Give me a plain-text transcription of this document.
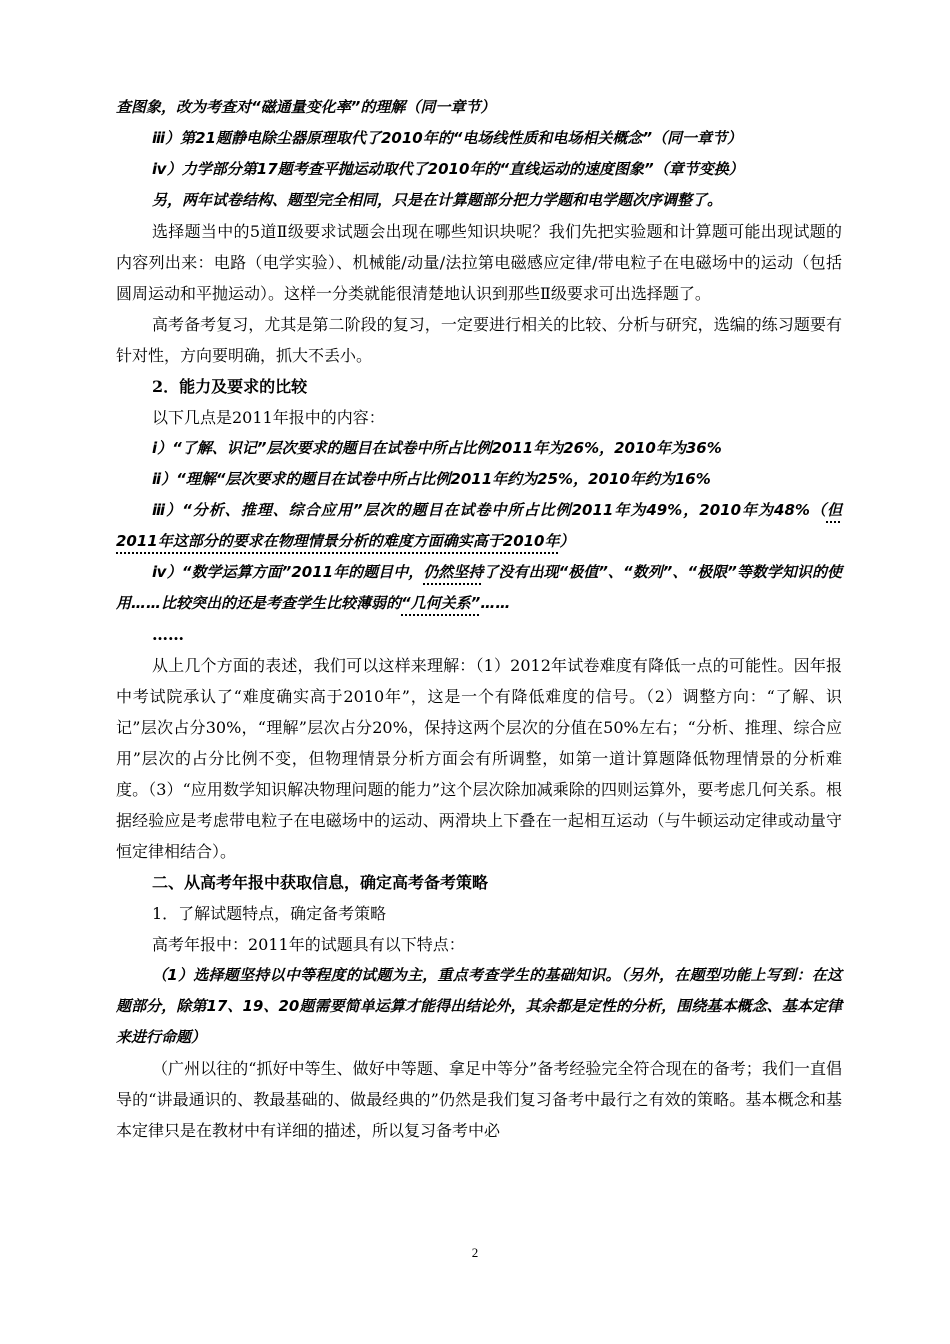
查图象，改为考查对“磁通量变化率”的理解（同一章节）

ⅲ）第21题静电除尘器原理取代了2010年的“电场线性质和电场相关概念”（同一章节）

ⅳ）力学部分第17题考查平抛运动取代了2010年的“直线运动的速度图象”（章节变换）

另，两年试卷结构、题型完全相同，只是在计算题部分把力学题和电学题次序调整了。

选择题当中的5道Ⅱ级要求试题会出现在哪些知识块呢？我们先把实验题和计算题可能出现试题的内容列出来：电路（电学实验）、机械能/动量/法拉第电磁感应定律/带电粒子在电磁场中的运动（包括圆周运动和平抛运动）。这样一分类就能很清楚地认识到那些Ⅱ级要求可出选择题了。

高考备考复习，尤其是第二阶段的复习，一定要进行相关的比较、分析与研究，选编的练习题要有针对性，方向要明确，抓大不丢小。

2．能力及要求的比较

以下几点是2011年报中的内容：

ⅰ）“了解、识记”层次要求的题目在试卷中所占比例2011年为26%，2010年为36%

ⅱ）“理解“层次要求的题目在试卷中所占比例2011年约为25%，2010年约为16%

ⅲ）“分析、推理、综合应用”层次的题目在试卷中所占比例2011年为49%，2010年为48%（但2011年这部分的要求在物理情景分析的难度方面确实高于2010年）

ⅳ）“数学运算方面”2011年的题目中，仍然坚持了没有出现“极值”、“数列”、“极限”等数学知识的使用……比较突出的还是考查学生比较薄弱的“几何关系”……

……

从上几个方面的表述，我们可以这样来理解：（1）2012年试卷难度有降低一点的可能性。因年报中考试院承认了“难度确实高于2010年”，这是一个有降低难度的信号。（2）调整方向：“了解、识记”层次占分30%，“理解”层次占分20%，保持这两个层次的分值在50%左右；“分析、推理、综合应用”层次的占分比例不变，但物理情景分析方面会有所调整，如第一道计算题降低物理情景的分析难度。（3）“应用数学知识解决物理问题的能力”这个层次除加减乘除的四则运算外，要考虑几何关系。根据经验应是考虑带电粒子在电磁场中的运动、两滑块上下叠在一起相互运动（与牛顿运动定律或动量守恒定律相结合）。

二、从高考年报中获取信息，确定高考备考策略

1．了解试题特点，确定备考策略

高考年报中：2011年的试题具有以下特点：

（1）选择题坚持以中等程度的试题为主，重点考查学生的基础知识。（另外，在题型功能上写到：在这题部分，除第17、19、20题需要简单运算才能得出结论外，其余都是定性的分析，围绕基本概念、基本定律来进行命题）

（广州以往的“抓好中等生、做好中等题、拿足中等分”备考经验完全符合现在的备考；我们一直倡导的“讲最通识的、教最基础的、做最经典的”仍然是我们复习备考中最行之有效的策略。基本概念和基本定律只是在教材中有详细的描述，所以复习备考中必

2
